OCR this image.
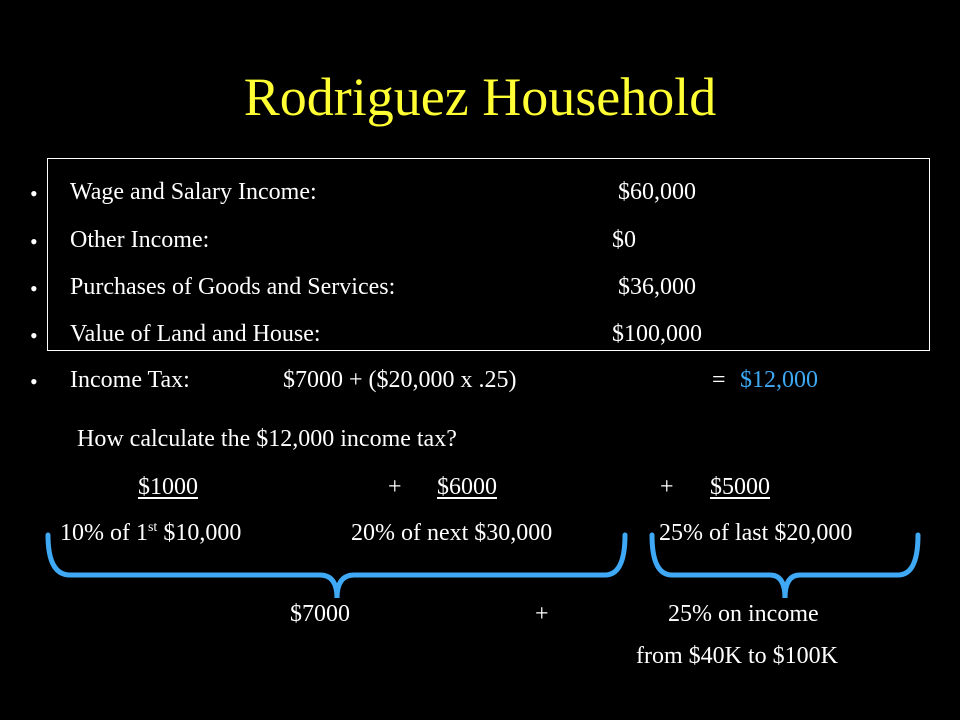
Rodriguez Household
• Wage and Salary Income:	$60,000
• Other Income:	$0
• Purchases of Goods and Services:	$36,000
• Value of Land and House:	$100,000
• Income Tax:	$7000 + ($20,000 x .25)	= $12,000
How calculate the $12,000 income tax?
$1000	+ $6000	+ $5000
10% of 1st $10,000	20% of next $30,000	25% of last $20,000
$7000	+	25% on income
from $40K to $100K
